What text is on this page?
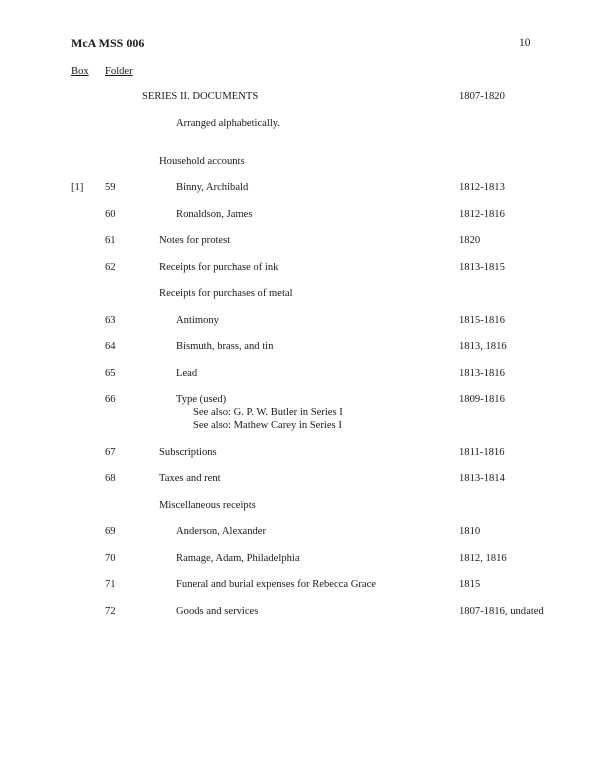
McA MSS 006	10
Box Folder
SERIES II. DOCUMENTS	1807-1820
Arranged alphabetically.
Household accounts
[1] 59	Binny, Archibald	1812-1813
60	Ronaldson, James	1812-1816
61	Notes for protest	1820
62	Receipts for purchase of ink	1813-1815
Receipts for purchases of metal
63	Antimony	1815-1816
64	Bismuth, brass, and tin	1813, 1816
65	Lead	1813-1816
66	Type (used)	1809-1816
See also: G. P. W. Butler in Series I
See also: Mathew Carey in Series I
67	Subscriptions	1811-1816
68	Taxes and rent	1813-1814
Miscellaneous receipts
69	Anderson, Alexander	1810
70	Ramage, Adam, Philadelphia	1812, 1816
71	Funeral and burial expenses for Rebecca Grace	1815
72	Goods and services	1807-1816, undated
